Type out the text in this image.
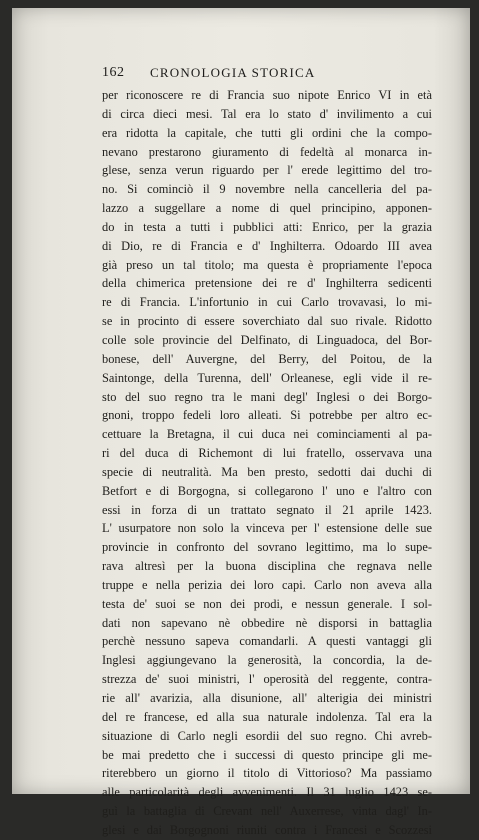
162 CRONOLOGIA STORICA
per riconoscere re di Francia suo nipote Enrico VI in età
di circa dieci mesi. Tal era lo stato d' invilimento a cui
era ridotta la capitale, che tutti gli ordini che la compo-
nevano prestarono giuramento di fedeltà al monarca in-
glese, senza verun riguardo per l' erede legittimo del tro-
no. Si cominciò il 9 novembre nella cancelleria del pa-
lazzo a suggellare a nome di quel principino, apponen-
do in testa a tutti i pubblici atti: Enrico, per la grazia
di Dio, re di Francia e d' Inghilterra. Odoardo III avea
già preso un tal titolo; ma questa è propriamente l'epoca
della chimerica pretensione dei re d' Inghilterra sedicenti
re di Francia. L'infortunio in cui Carlo trovavasi, lo mi-
se in procinto di essere soverchiato dal suo rivale. Ridotto
colle sole provincie del Delfinato, di Linguadoca, del Bor-
bonese, dell' Auvergne, del Berry, del Poitou, de la
Saintonge, della Turenna, dell' Orleanese, egli vide il re-
sto del suo regno tra le mani degl' Inglesi o dei Borgo-
gnoni, troppo fedeli loro alleati. Si potrebbe per altro ec-
cettuare la Bretagna, il cui duca nei cominciamenti al pa-
ri del duca di Richemont di lui fratello, osservava una
specie di neutralità. Ma ben presto, sedotti dai duchi di
Betfort e di Borgogna, si collegarono l' uno e l'altro con
essi in forza di un trattato segnato il 21 aprile 1423.
L' usurpatore non solo la vinceva per l' estensione delle sue
provincie in confronto del sovrano legittimo, ma lo supe-
rava altresì per la buona disciplina che regnava nelle
truppe e nella perizia dei loro capi. Carlo non aveva alla
testa de' suoi se non dei prodi, e nessun generale. I sol-
dati non sapevano nè obbedire nè disporsi in battaglia
perchè nessuno sapeva comandarli. A questi vantaggi gli
Inglesi aggiungevano la generosità, la concordia, la de-
strezza de' suoi ministri, l' operosità del reggente, contra-
rie all' avarizia, alla disunione, all' alterigia dei ministri
del re francese, ed alla sua naturale indolenza. Tal era la
situazione di Carlo negli esordii del suo regno. Chi avreb-
be mai predetto che i successi di questo principe gli me-
riterebbero un giorno il titolo di Vittorioso? Ma passiamo
alle particolarità degli avvenimenti. Il 31 luglio 1423 se-
guì la battaglia di Crevant nell' Auxerrese, vinta dagl' In-
glesi e dai Borgognoni riuniti contra i Francesi e Scozzesi
